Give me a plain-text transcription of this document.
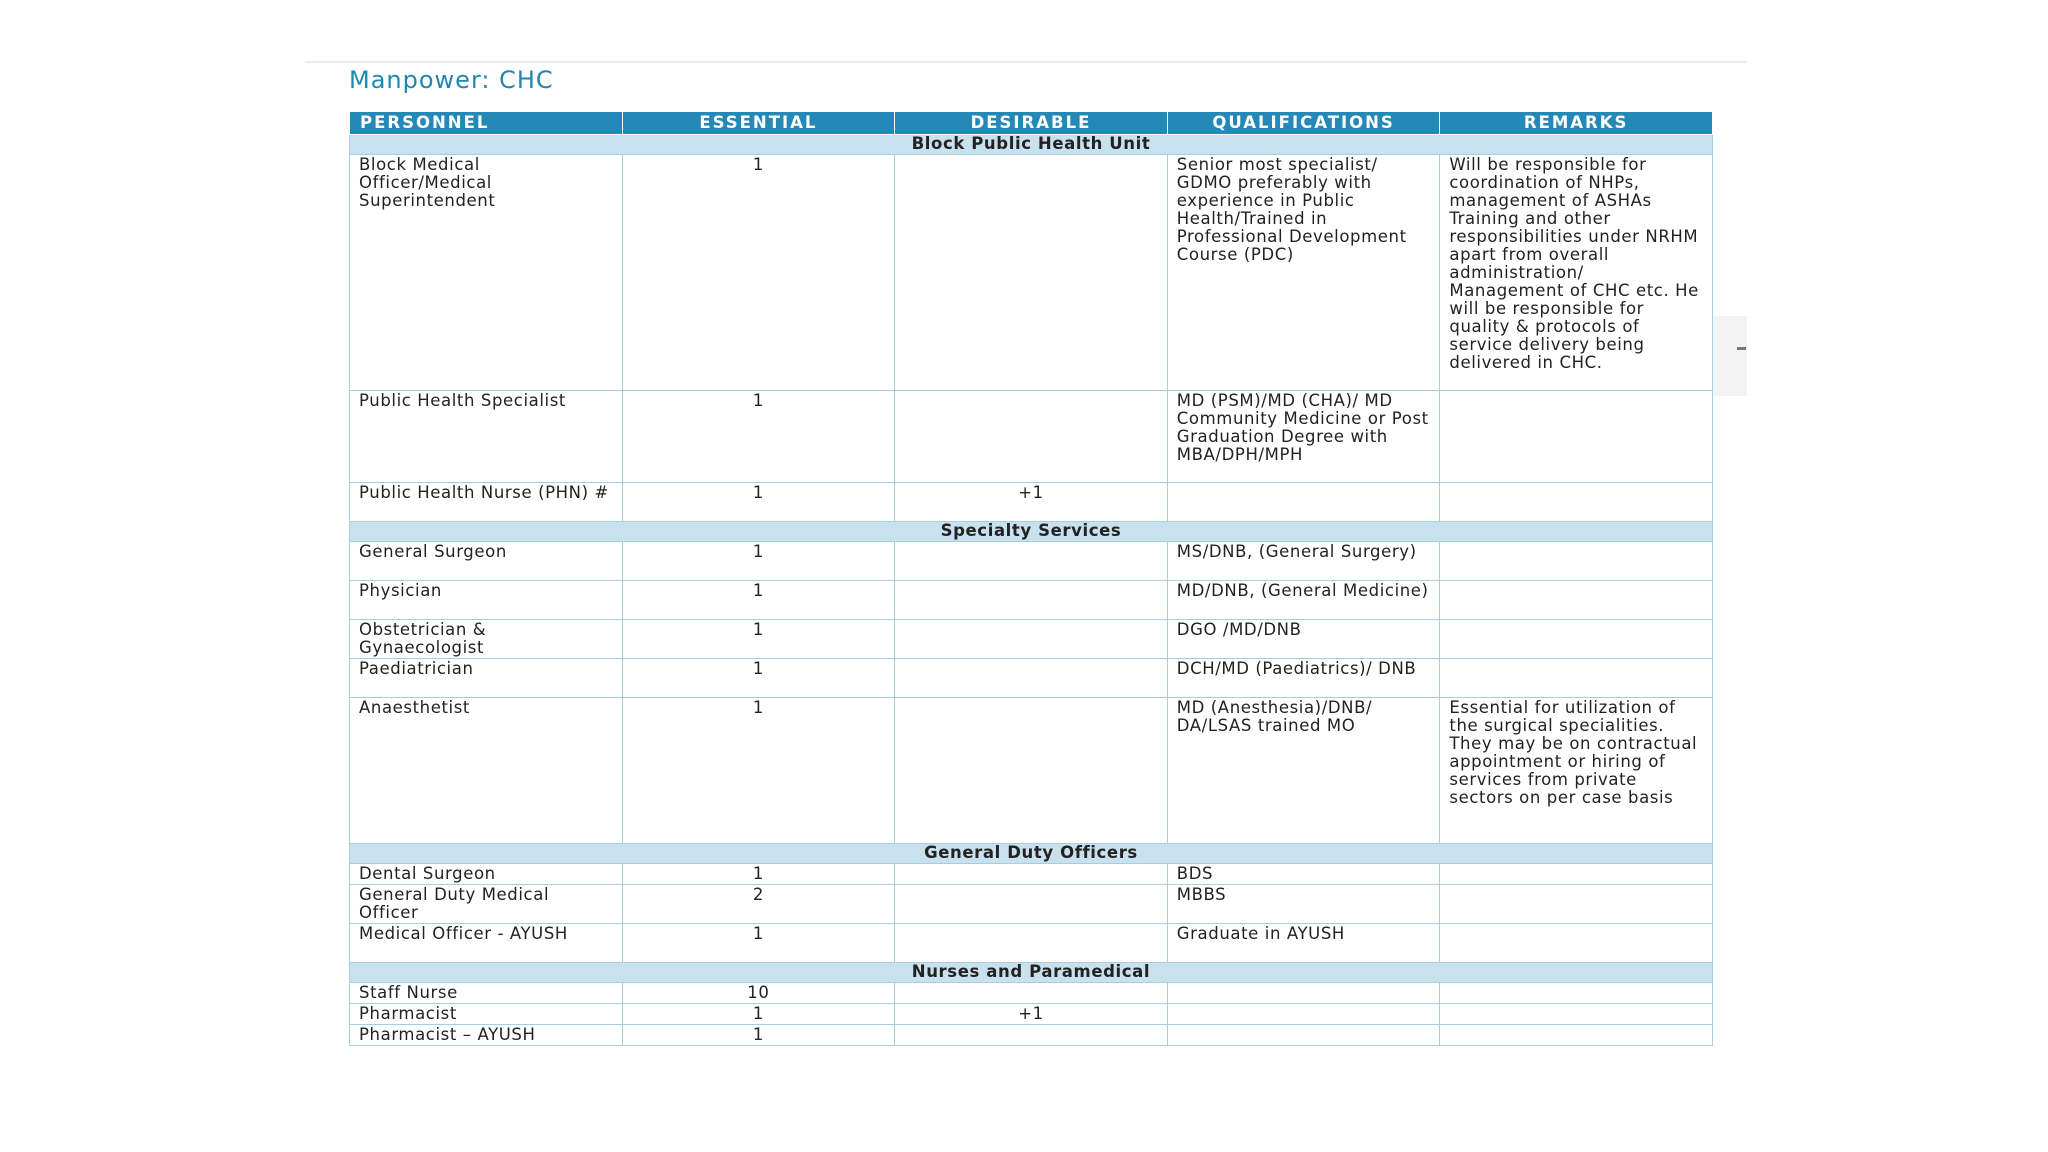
Manpower: CHC
PERSONNEL	ESSENTIAL	DESIRABLE	QUALIFICATIONS	REMARKS
Block Public Health Unit				
Block Medical Officer/Medical Superintendent	1		Senior most specialist/ GDMO preferably with experience in Public Health/Trained in Professional Development Course (PDC)	Will be responsible for coordination of NHPs, management of ASHAs Training and other responsibilities under NRHM apart from overall administration/ Management of CHC etc. He will be responsible for quality & protocols of service delivery being delivered in CHC.
Public Health Specialist	1		MD (PSM)/MD (CHA)/ MD Community Medicine or Post Graduation Degree with MBA/DPH/MPH	
Public Health Nurse (PHN) #	1	+1		
Specialty Services				
General Surgeon	1		MS/DNB, (General Surgery)	
Physician	1		MD/DNB, (General Medicine)	
Obstetrician & Gynaecologist	1		DGO /MD/DNB	
Paediatrician	1		DCH/MD (Paediatrics)/ DNB	
Anaesthetist	1		MD (Anesthesia)/DNB/ DA/LSAS trained MO	Essential for utilization of the surgical specialities. They may be on contractual appointment or hiring of services from private sectors on per case basis
General Duty Officers				
Dental Surgeon	1		BDS	
General Duty Medical Officer	2		MBBS	
Medical Officer - AYUSH	1		Graduate in AYUSH	
Nurses and Paramedical				
Staff Nurse	10			
Pharmacist	1	+1		
Pharmacist – AYUSH	1			
